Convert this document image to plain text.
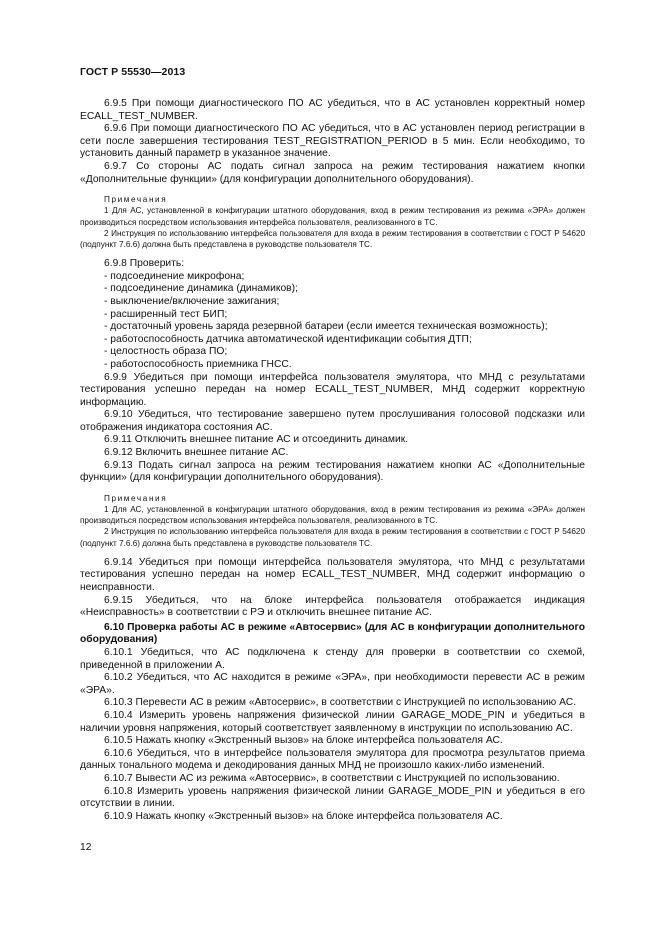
ГОСТ Р 55530—2013

6.9.5 При помощи диагностического ПО АС убедиться, что в АС установлен корректный номер ECALL_TEST_NUMBER.

6.9.6 При помощи диагностического ПО АС убедиться, что в АС установлен период регистрации в сети после завершения тестирования TEST_REGISTRATION_PERIOD в 5 мин. Если необходимо, то установить данный параметр в указанное значение.

6.9.7 Со стороны АС подать сигнал запроса на режим тестирования нажатием кнопки «Дополнительные функции» (для конфигурации дополнительного оборудования).

Примечания

1 Для АС, установленной в конфигурации штатного оборудования, вход в режим тестирования из режима «ЭРА» должен производиться посредством использования интерфейса пользователя, реализованного в ТС.

2 Инструкция по использованию интерфейса пользователя для входа в режим тестирования в соответствии с ГОСТ Р 54620 (подпункт 7.6.6) должна быть представлена в руководстве пользователя ТС.

6.9.8 Проверить:

- подсоединение микрофона;

- подсоединение динамика (динамиков);

- выключение/включение зажигания;

- расширенный тест БИП;

- достаточный уровень заряда резервной батареи (если имеется техническая возможность);

- работоспособность датчика автоматической идентификации события ДТП;

- целостность образа ПО;

- работоспособность приемника ГНСС.

6.9.9 Убедиться при помощи интерфейса пользователя эмулятора, что МНД с результатами тестирования успешно передан на номер ECALL_TEST_NUMBER, МНД содержит корректную информацию.

6.9.10 Убедиться, что тестирование завершено путем прослушивания голосовой подсказки или отображения индикатора состояния АС.

6.9.11 Отключить внешнее питание АС и отсоединить динамик.

6.9.12 Включить внешнее питание АС.

6.9.13 Подать сигнал запроса на режим тестирования нажатием кнопки АС «Дополнительные функции» (для конфигурации дополнительного оборудования).

Примечания

1 Для АС, установленной в конфигурации штатного оборудования, вход в режим тестирования из режима «ЭРА» должен производиться посредством использования интерфейса пользователя, реализованного в ТС.

2 Инструкция по использованию интерфейса пользователя для входа в режим тестирования в соответствии с ГОСТ Р 54620 (подпункт 7.6.6) должна быть представлена в руководстве пользователя ТС.

6.9.14 Убедиться при помощи интерфейса пользователя эмулятора, что МНД с результатами тестирования успешно передан на номер ECALL_TEST_NUMBER, МНД содержит информацию о неисправности.

6.9.15 Убедиться, что на блоке интерфейса пользователя отображается индикация «Неисправность» в соответствии с РЭ и отключить внешнее питание АС.

6.10 Проверка работы АС в режиме «Автосервис» (для АС в конфигурации дополнительного оборудования)

6.10.1 Убедиться, что АС подключена к стенду для проверки в соответствии со схемой, приведенной в приложении А.

6.10.2 Убедиться, что АС находится в режиме «ЭРА», при необходимости перевести АС в режим «ЭРА».

6.10.3 Перевести АС в режим «Автосервис», в соответствии с Инструкцией по использованию АС.

6.10.4 Измерить уровень напряжения физической линии GARAGE_MODE_PIN и убедиться в наличии уровня напряжения, который соответствует заявленному в инструкции по использованию АС.

6.10.5 Нажать кнопку «Экстренный вызов» на блоке интерфейса пользователя АС.

6.10.6 Убедиться, что в интерфейсе пользователя эмулятора для просмотра результатов приема данных тонального модема и декодирования данных МНД не произошло каких-либо изменений.

6.10.7 Вывести АС из режима «Автосервис», в соответствии с Инструкцией по использованию.

6.10.8 Измерить уровень напряжения физической линии GARAGE_MODE_PIN и убедиться в его отсутствии в линии.

6.10.9 Нажать кнопку «Экстренный вызов» на блоке интерфейса пользователя АС.

12
